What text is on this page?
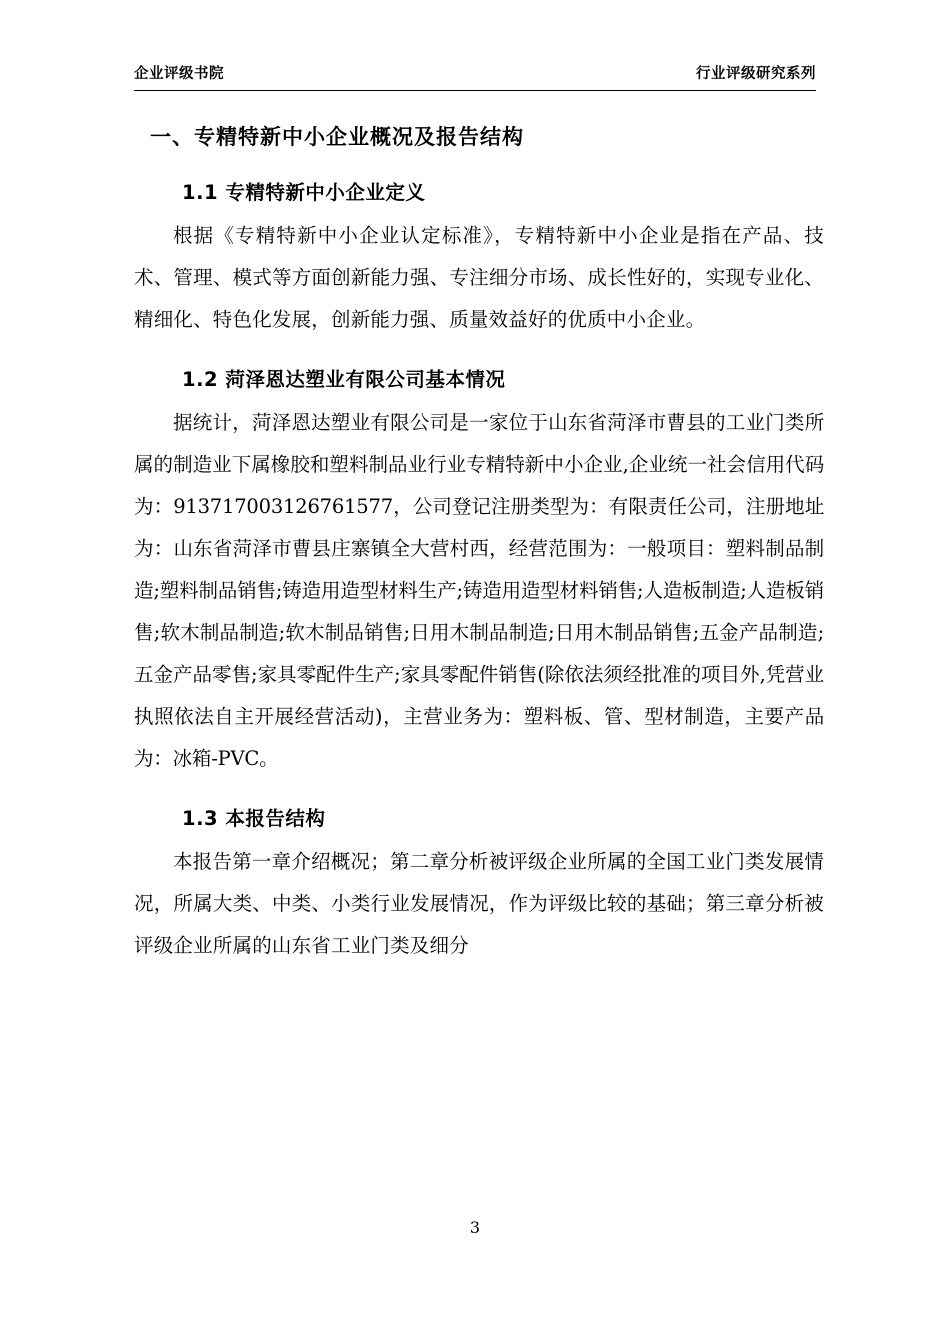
企业评级书院	行业评级研究系列
一、专精特新中小企业概况及报告结构
1.1 专精特新中小企业定义

根据《专精特新中小企业认定标准》，专精特新中小企业是指在产品、技术、管理、模式等方面创新能力强、专注细分市场、成长性好的，实现专业化、精细化、特色化发展，创新能力强、质量效益好的优质中小企业。

1.2 菏泽恩达塑业有限公司基本情况

据统计，菏泽恩达塑业有限公司是一家位于山东省菏泽市曹县的工业门类所属的制造业下属橡胶和塑料制品业行业专精特新中小企业,企业统一社会信用代码为：913717003126761577，公司登记注册类型为：有限责任公司，注册地址为：山东省菏泽市曹县庄寨镇全大营村西，经营范围为：一般项目：塑料制品制造;塑料制品销售;铸造用造型材料生产;铸造用造型材料销售;人造板制造;人造板销售;软木制品制造;软木制品销售;日用木制品制造;日用木制品销售;五金产品制造;五金产品零售;家具零配件生产;家具零配件销售(除依法须经批准的项目外,凭营业执照依法自主开展经营活动)，主营业务为：塑料板、管、型材制造，主要产品为：冰箱-PVC。

1.3 本报告结构

本报告第一章介绍概况；第二章分析被评级企业所属的全国工业门类发展情况，所属大类、中类、小类行业发展情况，作为评级比较的基础；第三章分析被评级企业所属的山东省工业门类及细分

3
